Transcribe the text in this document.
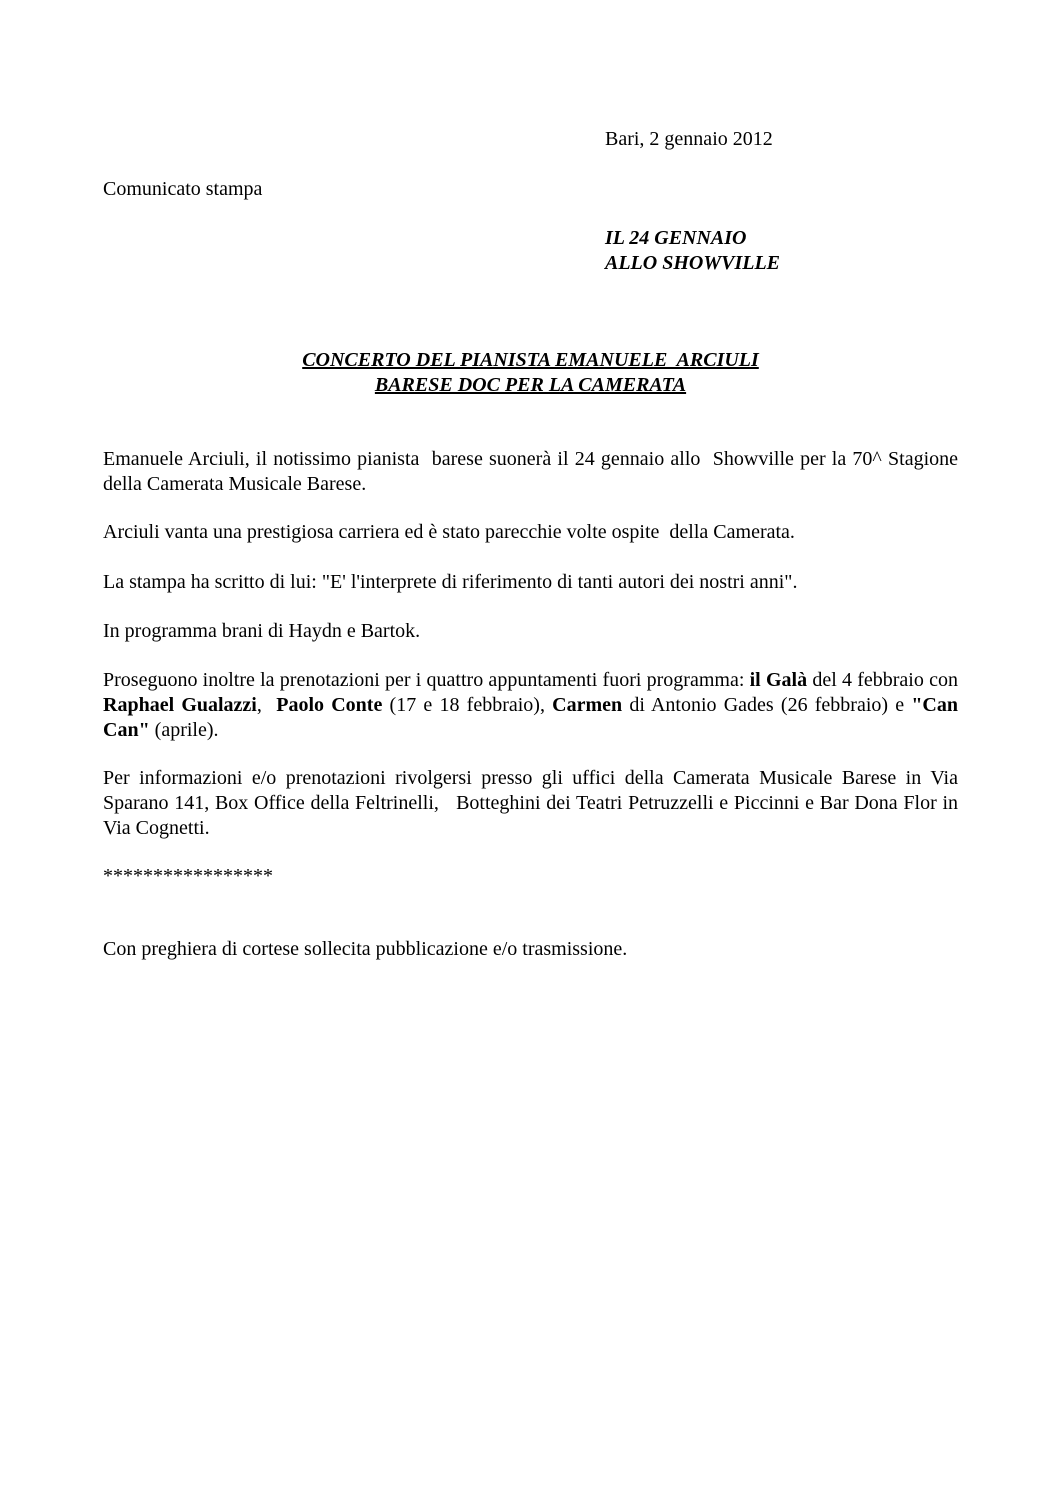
Bari, 2 gennaio 2012
Comunicato stampa
IL 24 GENNAIO
ALLO SHOWVILLE
CONCERTO DEL PIANISTA EMANUELE  ARCIULI
BARESE DOC PER LA CAMERATA
Emanuele Arciuli, il notissimo pianista  barese suonerà il 24 gennaio allo  Showville per la 70^ Stagione della Camerata Musicale Barese.
Arciuli vanta una prestigiosa carriera ed è stato parecchie volte ospite  della Camerata.
La stampa ha scritto di lui: "E' l'interprete di riferimento di tanti autori dei nostri anni".
In programma brani di Haydn e Bartok.
Proseguono inoltre la prenotazioni per i quattro appuntamenti fuori programma: il Galà del 4 febbraio con Raphael Gualazzi,  Paolo Conte (17 e 18 febbraio), Carmen di Antonio Gades (26 febbraio) e "Can Can" (aprile).
Per informazioni e/o prenotazioni rivolgersi presso gli uffici della Camerata Musicale Barese in Via Sparano 141, Box Office della Feltrinelli,   Botteghini dei Teatri Petruzzelli e Piccinni e Bar Dona Flor in Via Cognetti.
*****************
Con preghiera di cortese sollecita pubblicazione e/o trasmissione.
